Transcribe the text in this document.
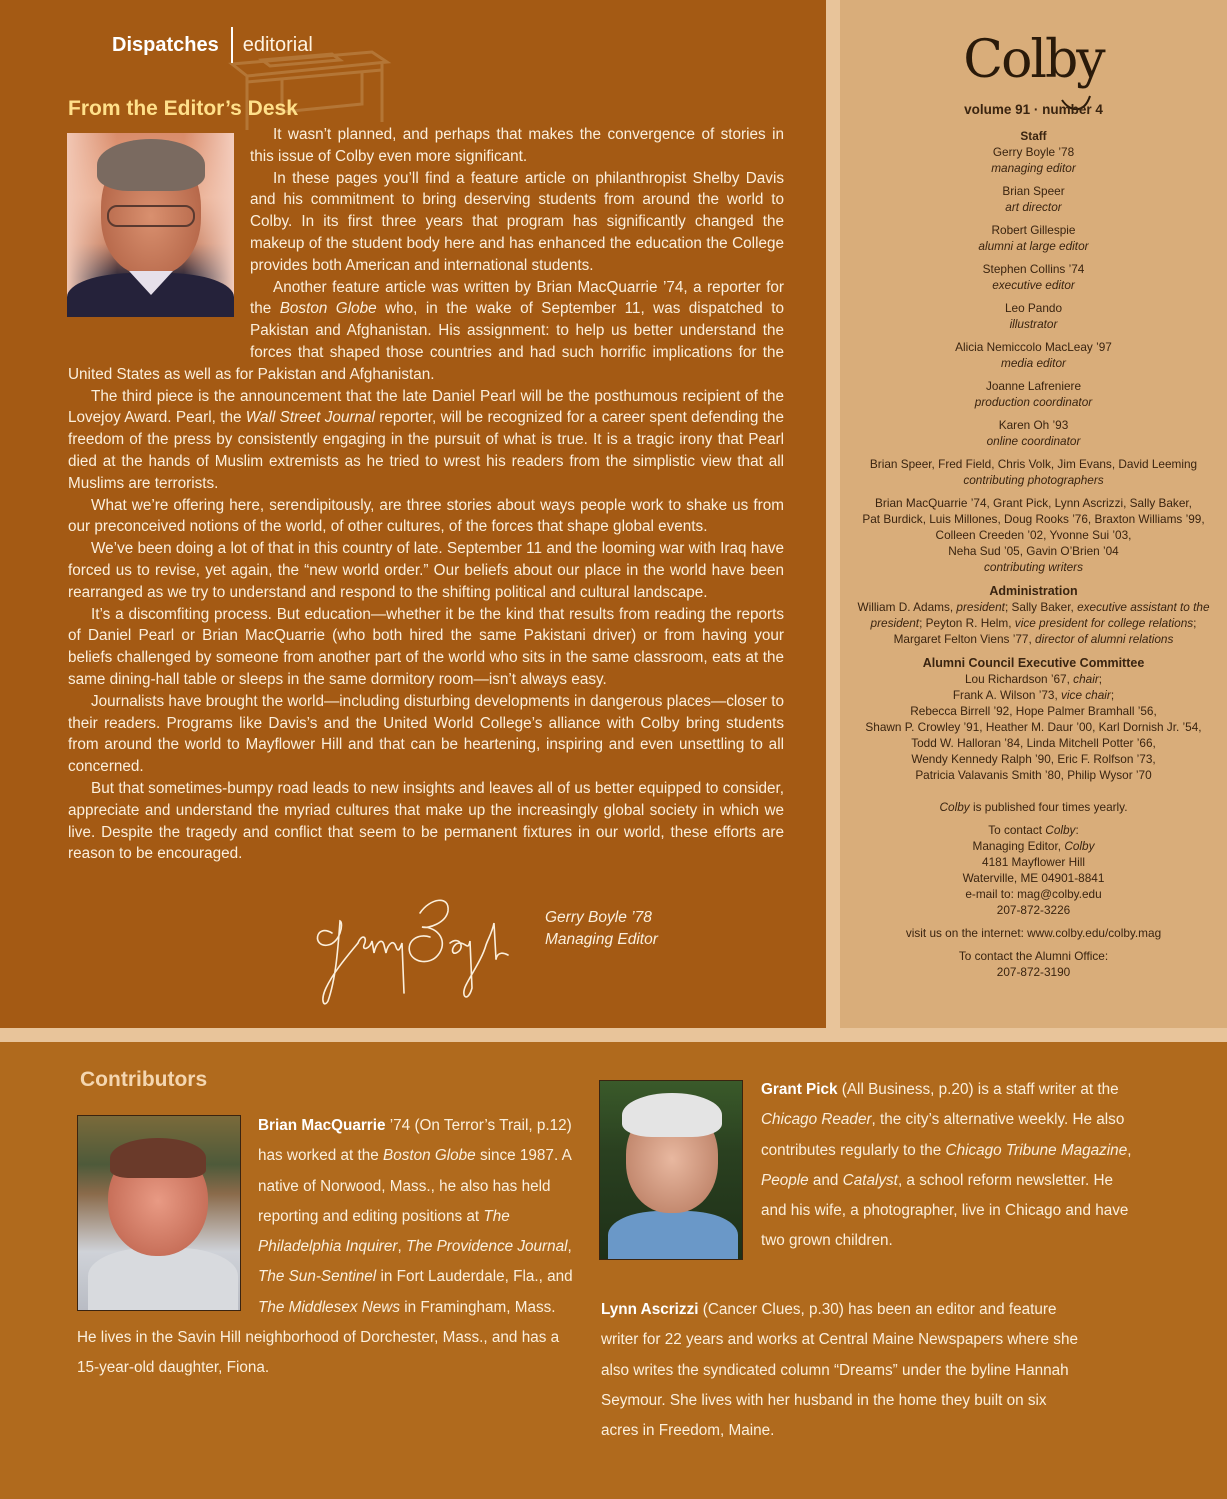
Dispatches editorial
From the Editor’s Desk

It wasn’t planned, and perhaps that makes the convergence of stories in this issue of Colby even more significant.

In these pages you’ll find a feature article on philanthropist Shelby Davis and his commitment to bring deserving students from around the world to Colby. In its first three years that program has significantly changed the makeup of the student body here and has enhanced the education the College provides both American and international students.

Another feature article was written by Brian MacQuarrie ’74, a reporter for the Boston Globe who, in the wake of September 11, was dispatched to Pakistan and Afghanistan. His assignment: to help us better understand the forces that shaped those countries and had such horrific implications for the United States as well as for Pakistan and Afghanistan.

The third piece is the announcement that the late Daniel Pearl will be the posthumous recipient of the Lovejoy Award. Pearl, the Wall Street Journal reporter, will be recognized for a career spent defending the freedom of the press by consistently engaging in the pursuit of what is true. It is a tragic irony that Pearl died at the hands of Muslim extremists as he tried to wrest his readers from the simplistic view that all Muslims are terrorists.

What we’re offering here, serendipitously, are three stories about ways people work to shake us from our preconceived notions of the world, of other cultures, of the forces that shape global events.

We’ve been doing a lot of that in this country of late. September 11 and the looming war with Iraq have forced us to revise, yet again, the “new world order.” Our beliefs about our place in the world have been rearranged as we try to understand and respond to the shifting political and cultural landscape.

It’s a discomfiting process. But education—whether it be the kind that results from reading the reports of Daniel Pearl or Brian MacQuarrie (who both hired the same Pakistani driver) or from having your beliefs challenged by someone from another part of the world who sits in the same classroom, eats at the same dining-hall table or sleeps in the same dormitory room—isn’t always easy.

Journalists have brought the world—including disturbing developments in dangerous places—closer to their readers. Programs like Davis’s and the United World College’s alliance with Colby bring students from around the world to Mayflower Hill and that can be heartening, inspiring and even unsettling to all concerned.

But that sometimes-bumpy road leads to new insights and leaves all of us better equipped to consider, appreciate and understand the myriad cultures that make up the increasingly global society in which we live. Despite the tragedy and conflict that seem to be permanent fixtures in our world, these efforts are reason to be encouraged.

Gerry Boyle ’78
Managing Editor
Colby
volume 91 · number 4
Staff
Gerry Boyle ’78
managing editor
Brian Speer
art director
Robert Gillespie
alumni at large editor
Stephen Collins ’74
executive editor
Leo Pando
illustrator
Alicia Nemiccolo MacLeay ’97
media editor
Joanne Lafreniere
production coordinator
Karen Oh ’93
online coordinator
Brian Speer, Fred Field, Chris Volk, Jim Evans, David Leeming
contributing photographers
Brian MacQuarrie ’74, Grant Pick, Lynn Ascrizzi, Sally Baker,
Pat Burdick, Luis Millones, Doug Rooks ’76, Braxton Williams ’99,
Colleen Creeden ’02, Yvonne Sui ’03,
Neha Sud ’05, Gavin O’Brien ’04
contributing writers
Administration
William D. Adams, president; Sally Baker, executive assistant to the
president; Peyton R. Helm, vice president for college relations;
Margaret Felton Viens ’77, director of alumni relations
Alumni Council Executive Committee
Lou Richardson ’67, chair;
Frank A. Wilson ’73, vice chair;
Rebecca Birrell ’92, Hope Palmer Bramhall ’56,
Shawn P. Crowley ’91, Heather M. Daur ’00, Karl Dornish Jr. ’54,
Todd W. Halloran ’84, Linda Mitchell Potter ’66,
Wendy Kennedy Ralph ’90, Eric F. Rolfson ’73,
Patricia Valavanis Smith ’80, Philip Wysor ’70
Colby is published four times yearly.
To contact Colby:
Managing Editor, Colby
4181 Mayflower Hill
Waterville, ME 04901-8841
e-mail to: mag@colby.edu
207-872-3226
visit us on the internet: www.colby.edu/colby.mag
To contact the Alumni Office:
207-872-3190
Contributors
Brian MacQuarrie ’74 (On Terror’s Trail, p.12) has worked at the Boston Globe since 1987. A native of Norwood, Mass., he also has held reporting and editing positions at The Philadelphia Inquirer, The Providence Journal, The Sun-Sentinel in Fort Lauderdale, Fla., and The Middlesex News in Framingham, Mass.
He lives in the Savin Hill neighborhood of Dorchester, Mass., and has a 15-year-old daughter, Fiona.
Grant Pick (All Business, p.20) is a staff writer at the Chicago Reader, the city’s alternative weekly. He also contributes regularly to the Chicago Tribune Magazine, People and Catalyst, a school reform newsletter. He and his wife, a photographer, live in Chicago and have two grown children.
Lynn Ascrizzi (Cancer Clues, p.30) has been an editor and feature writer for 22 years and works at Central Maine Newspapers where she also writes the syndicated column “Dreams” under the byline Hannah Seymour. She lives with her husband in the home they built on six acres in Freedom, Maine.
